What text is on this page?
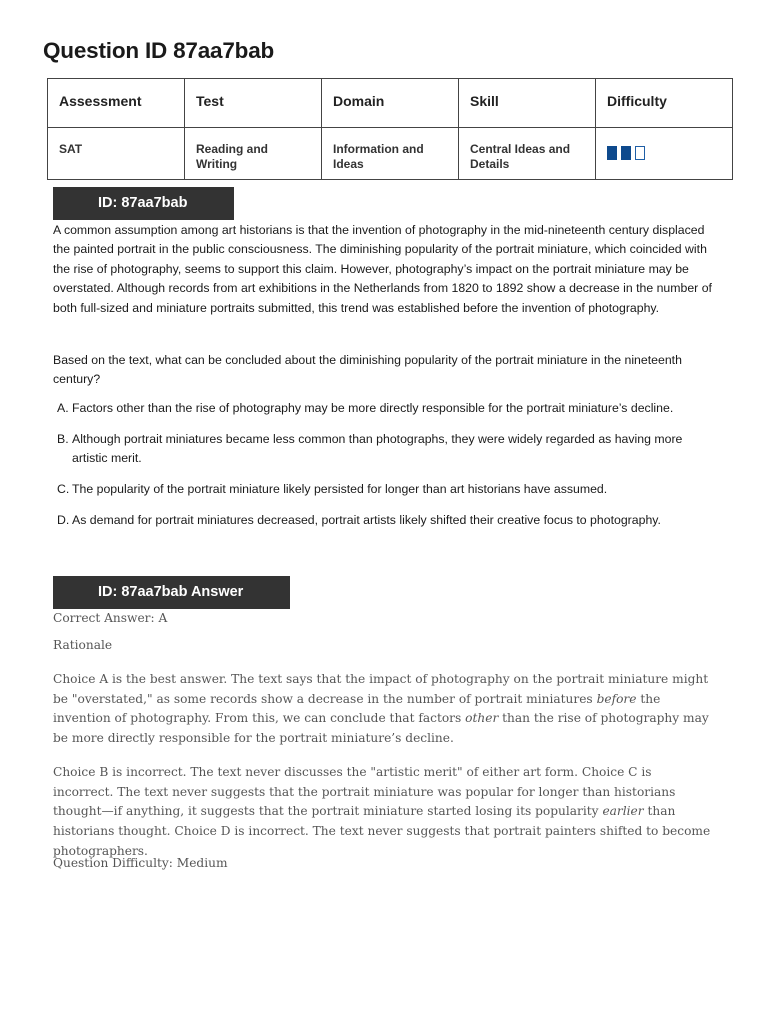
Question ID 87aa7bab
Assessment	Test	Domain	Skill	Difficulty
SAT	Reading and Writing	Information and Ideas	Central Ideas and Details	
ID: 87aa7bab

A common assumption among art historians is that the invention of photography in the mid-nineteenth century displaced the painted portrait in the public consciousness. The diminishing popularity of the portrait miniature, which coincided with the rise of photography, seems to support this claim. However, photography’s impact on the portrait miniature may be overstated. Although records from art exhibitions in the Netherlands from 1820 to 1892 show a decrease in the number of both full-sized and miniature portraits submitted, this trend was established before the invention of photography.

Based on the text, what can be concluded about the diminishing popularity of the portrait miniature in the nineteenth century?

A. Factors other than the rise of photography may be more directly responsible for the portrait miniature’s decline.
B. Although portrait miniatures became less common than photographs, they were widely regarded as having more artistic merit.
C. The popularity of the portrait miniature likely persisted for longer than art historians have assumed.
D. As demand for portrait miniatures decreased, portrait artists likely shifted their creative focus to photography.
ID: 87aa7bab Answer

Correct Answer: A

Rationale

Choice A is the best answer. The text says that the impact of photography on the portrait miniature might be "overstated," as some records show a decrease in the number of portrait miniatures before the invention of photography. From this, we can conclude that factors other than the rise of photography may be more directly responsible for the portrait miniature’s decline.

Choice B is incorrect. The text never discusses the "artistic merit" of either art form. Choice C is incorrect. The text never suggests that the portrait miniature was popular for longer than historians thought—if anything, it suggests that the portrait miniature started losing its popularity earlier than historians thought. Choice D is incorrect. The text never suggests that portrait painters shifted to become photographers.

Question Difficulty: Medium
